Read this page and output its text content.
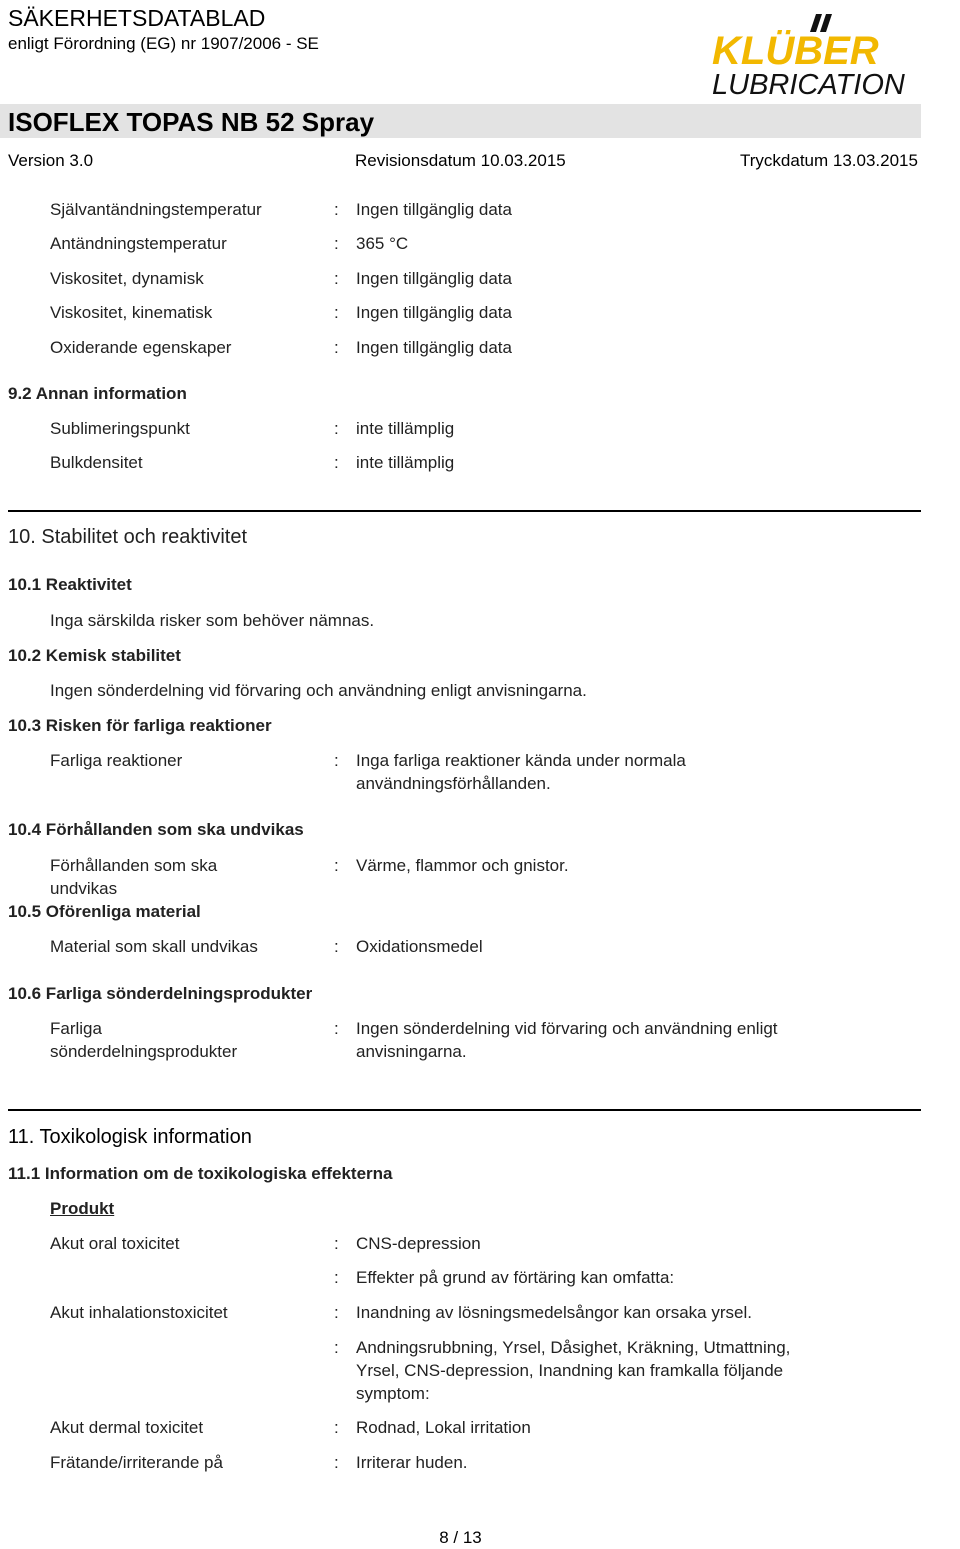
SÄKERHETSDATABLAD
enligt Förordning (EG) nr 1907/2006 - SE	KLÜBER
LUBRICATION
ISOFLEX TOPAS NB 52 Spray
Version 3.0	Revisionsdatum 10.03.2015	Tryckdatum 13.03.2015
Självantändningstemperatur	: Ingen tillgänglig data
Antändningstemperatur	: 365 °C
Viskositet, dynamisk	: Ingen tillgänglig data
Viskositet, kinematisk	: Ingen tillgänglig data
Oxiderande egenskaper	: Ingen tillgänglig data
9.2 Annan information
Sublimeringspunkt	: inte tillämplig
Bulkdensitet	: inte tillämplig
10. Stabilitet och reaktivitet
10.1 Reaktivitet
Inga särskilda risker som behöver nämnas.
10.2 Kemisk stabilitet
Ingen sönderdelning vid förvaring och användning enligt anvisningarna.
10.3 Risken för farliga reaktioner
Farliga reaktioner	: Inga farliga reaktioner kända under normala
användningsförhållanden.
10.4 Förhållanden som ska undvikas
Förhållanden som ska
undvikas
: Värme, flammor och gnistor.
10.5 Oförenliga material
Material som skall undvikas	: Oxidationsmedel
10.6 Farliga sönderdelningsprodukter
Farliga
sönderdelningsprodukter
: Ingen sönderdelning vid förvaring och användning enligt
anvisningarna.
11. Toxikologisk information
11.1 Information om de toxikologiska effekterna
Produkt
Akut oral toxicitet	: CNS-depression
: Effekter på grund av förtäring kan omfatta:
Akut inhalationstoxicitet	: Inandning av lösningsmedelsångor kan orsaka yrsel.
: Andningsrubbning, Yrsel, Dåsighet, Kräkning, Utmattning,
Yrsel, CNS-depression, Inandning kan framkalla följande
symptom:
Akut dermal toxicitet	: Rodnad, Lokal irritation
Frätande/irriterande på	: Irriterar huden.
8 / 13
